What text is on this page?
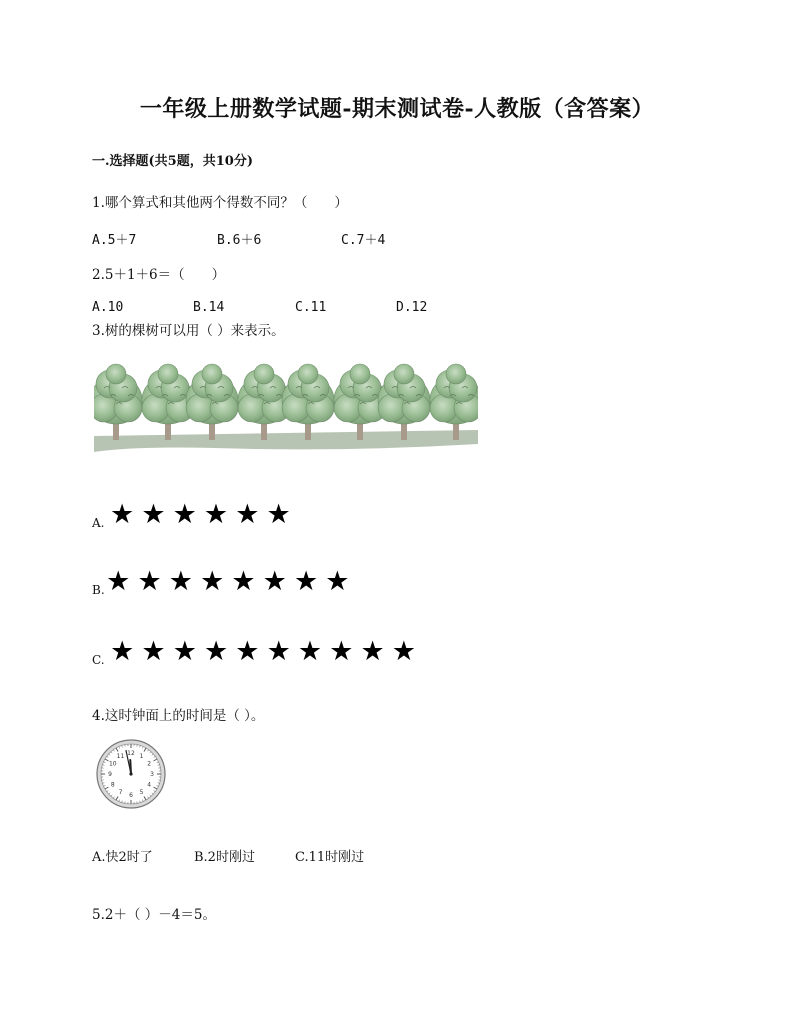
一年级上册数学试题-期末测试卷-人教版（含答案）
一.选择题(共5题，共10分)
1.哪个算式和其他两个得数不同？（　　）
A.5＋7	B.6＋6	C.7＋4
2.5＋1＋6＝（　　）
A.10	B.14	C.11	D.12
3.树的棵树可以用（ ）来表示。
A. ★ ★ ★ ★ ★ ★
B. ★ ★ ★ ★ ★ ★ ★ ★
C. ★ ★ ★ ★ ★ ★ ★ ★ ★ ★
4.这时钟面上的时间是（ ）。
1
2
3
4
5
6
7
8
9
10
11 12
A.快2时了	B.2时刚过	C.11时刚过
5.2＋（ ）－4＝5。
